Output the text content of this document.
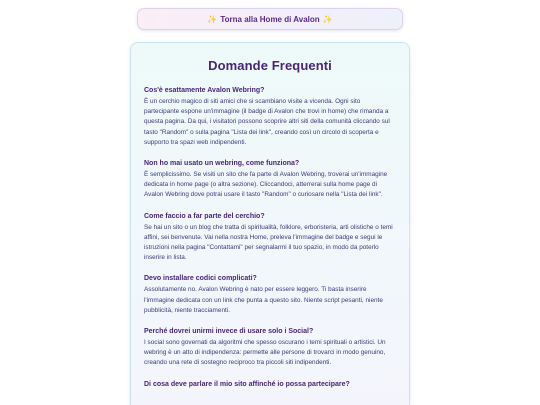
✨ Torna alla Home di Avalon ✨
Domande Frequenti

Cos'è esattamente Avalon Webring?

È un cerchio magico di siti amici che si scambiano visite a vicenda. Ogni sito partecipante espone un'immagine (il badge di Avalon che trovi in home) che rimanda a questa pagina. Da qui, i visitatori possono scoprire altri siti della comunità cliccando sul tasto "Random" o sulla pagina "Lista dei link", creando così un circolo di scoperta e supporto tra spazi web indipendenti.

Non ho mai usato un webring, come funziona?

È semplicissimo. Se visiti un sito che fa parte di Avalon Webring, troverai un'immagine dedicata in home page (o altra sezione). Cliccandoci, atterrerai sulla home page di Avalon Webring dove potrai usare il tasto "Random" o curiosare nella "Lista dei link".

Come faccio a far parte del cerchio?

Se hai un sito o un blog che tratta di spiritualità, folklore, erboristeria, arti olistiche o temi affini, sei benvenutə. Vai nella nostra Home, preleva l'immagine del badge e segui le istruzioni nella pagina "Contattami" per segnalarmi il tuo spazio, in modo da poterlo inserire in lista.

Devo installare codici complicati?

Assolutamente no. Avalon Webring è nato per essere leggero. Ti basta inserire l'immagine dedicata con un link che punta a questo sito. Niente script pesanti, niente pubblicità, niente tracciamenti.

Perché dovrei unirmi invece di usare solo i Social?

I social sono governati da algoritmi che spesso oscurano i temi spirituali o artistici. Un webring è un atto di indipendenza: permette alle persone di trovarci in modo genuino, creando una rete di sostegno reciproco tra piccoli siti indipendenti.

Di cosa deve parlare il mio sito affinché io possa partecipare?
